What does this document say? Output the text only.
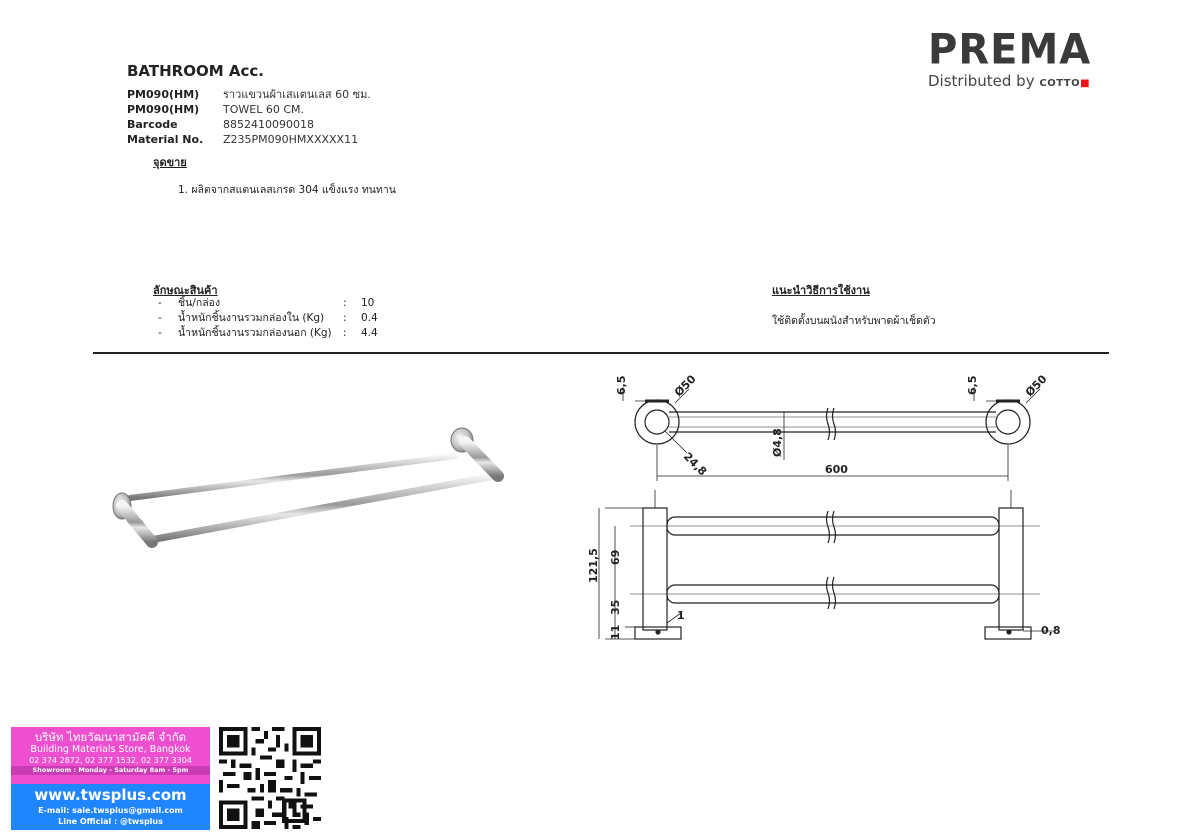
BATHROOM Acc.
PM090(HM)	ราวแขวนผ้าเสแตนเลส 60 ซม.
PM090(HM)	TOWEL 60 CM.
Barcode	8852410090018
Material No.	Z235PM090HMXXXXX11
จุดขาย
1. ผลิตจากสแตนเลสเกรด 304 แข็งแรง ทนทาน
ลักษณะสินค้า
-	ชิ้น/กล่อง	:	10
-	น้ำหนักชิ้นงานรวมกล่องใน (Kg)	:	0.4
-	น้ำหนักชิ้นงานรวมกล่องนอก (Kg)	:	4.4
แนะนำวิธีการใช้งาน
ใช้ติดตั้งบนผนังสำหรับพาดผ้าเช็ดตัว
PREMA
Distributed by COTTO■
6,5	Ø50
24,8
Ø4,8
6,5	Ø50
600
121,5 69
35
11
1
0,8
บริษัท ไทยวัฒนาสามัคคี จำกัด
Building Materials Store, Bangkok
02 374 2872, 02 377 1532, 02 377 3304
Showroom : Monday - Saturday 8am - 5pm
www.twsplus.com
E-mail: sale.twsplus@gmail.com
Line Official : @twsplus
